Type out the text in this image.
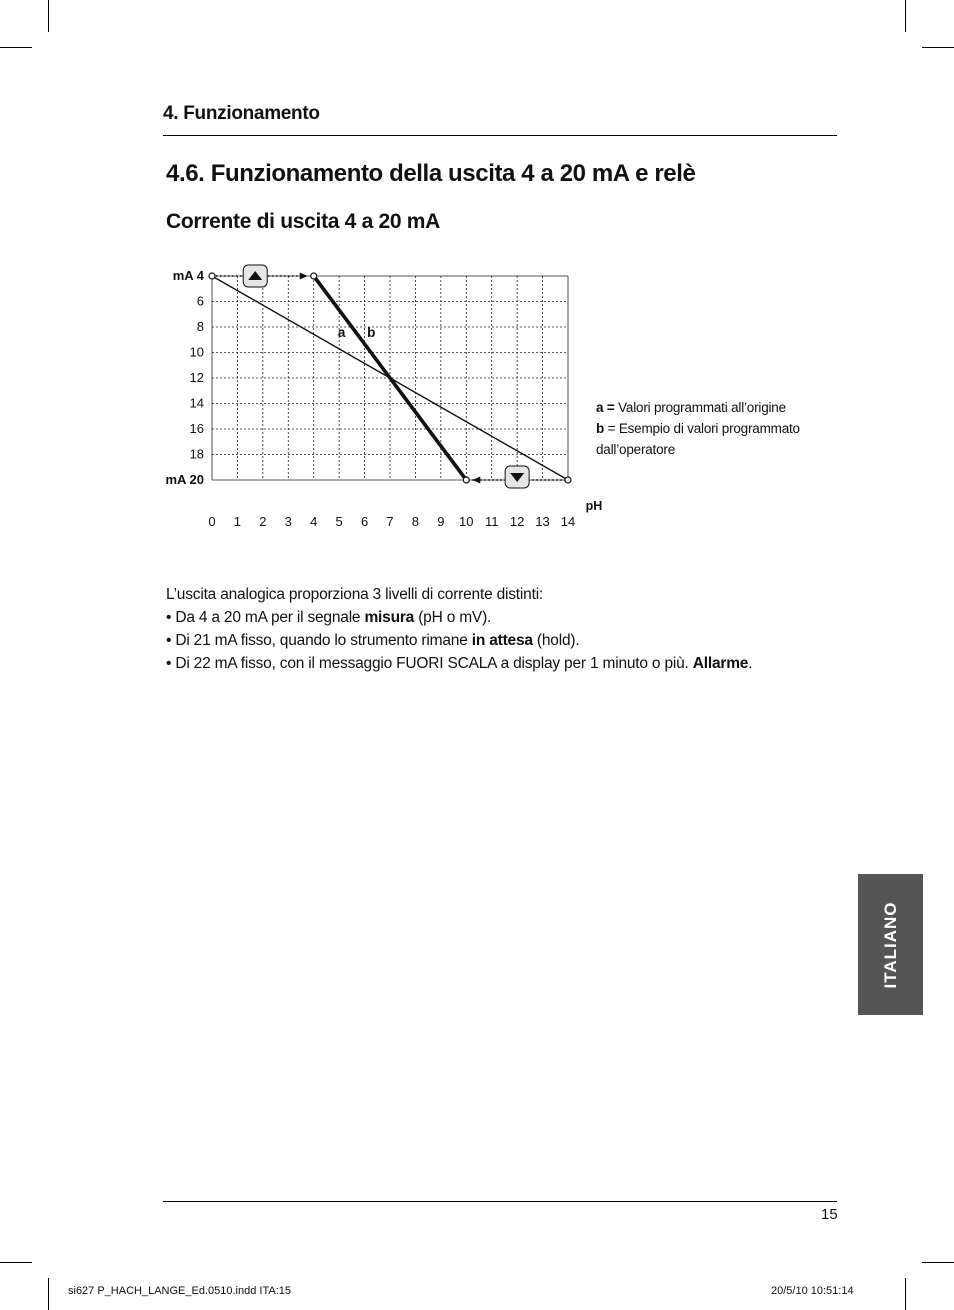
4. Funzionamento
4.6. Funzionamento della uscita 4 a 20 mA e relè
Corrente di uscita 4 a 20 mA
mA 4
6
8
10
12
14
16
18
mA 20
0 1 2 3 4 5 6 7 8 9 10 11 12 13 14
pH
a b
a = Valori programmati all’origine
b = Esempio di valori programmato
dall’operatore
L’uscita analogica proporziona 3 livelli di corrente distinti:
• Da 4 a 20 mA per il segnale misura (pH o mV).
• Di 21 mA fisso, quando lo strumento rimane in attesa (hold).
• Di 22 mA fisso, con il messaggio FUORI SCALA a display per 1 minuto o più. Allarme.
ITALIANO
15
si627 P_HACH_LANGE_Ed.0510.indd ITA:15	20/5/10 10:51:14
